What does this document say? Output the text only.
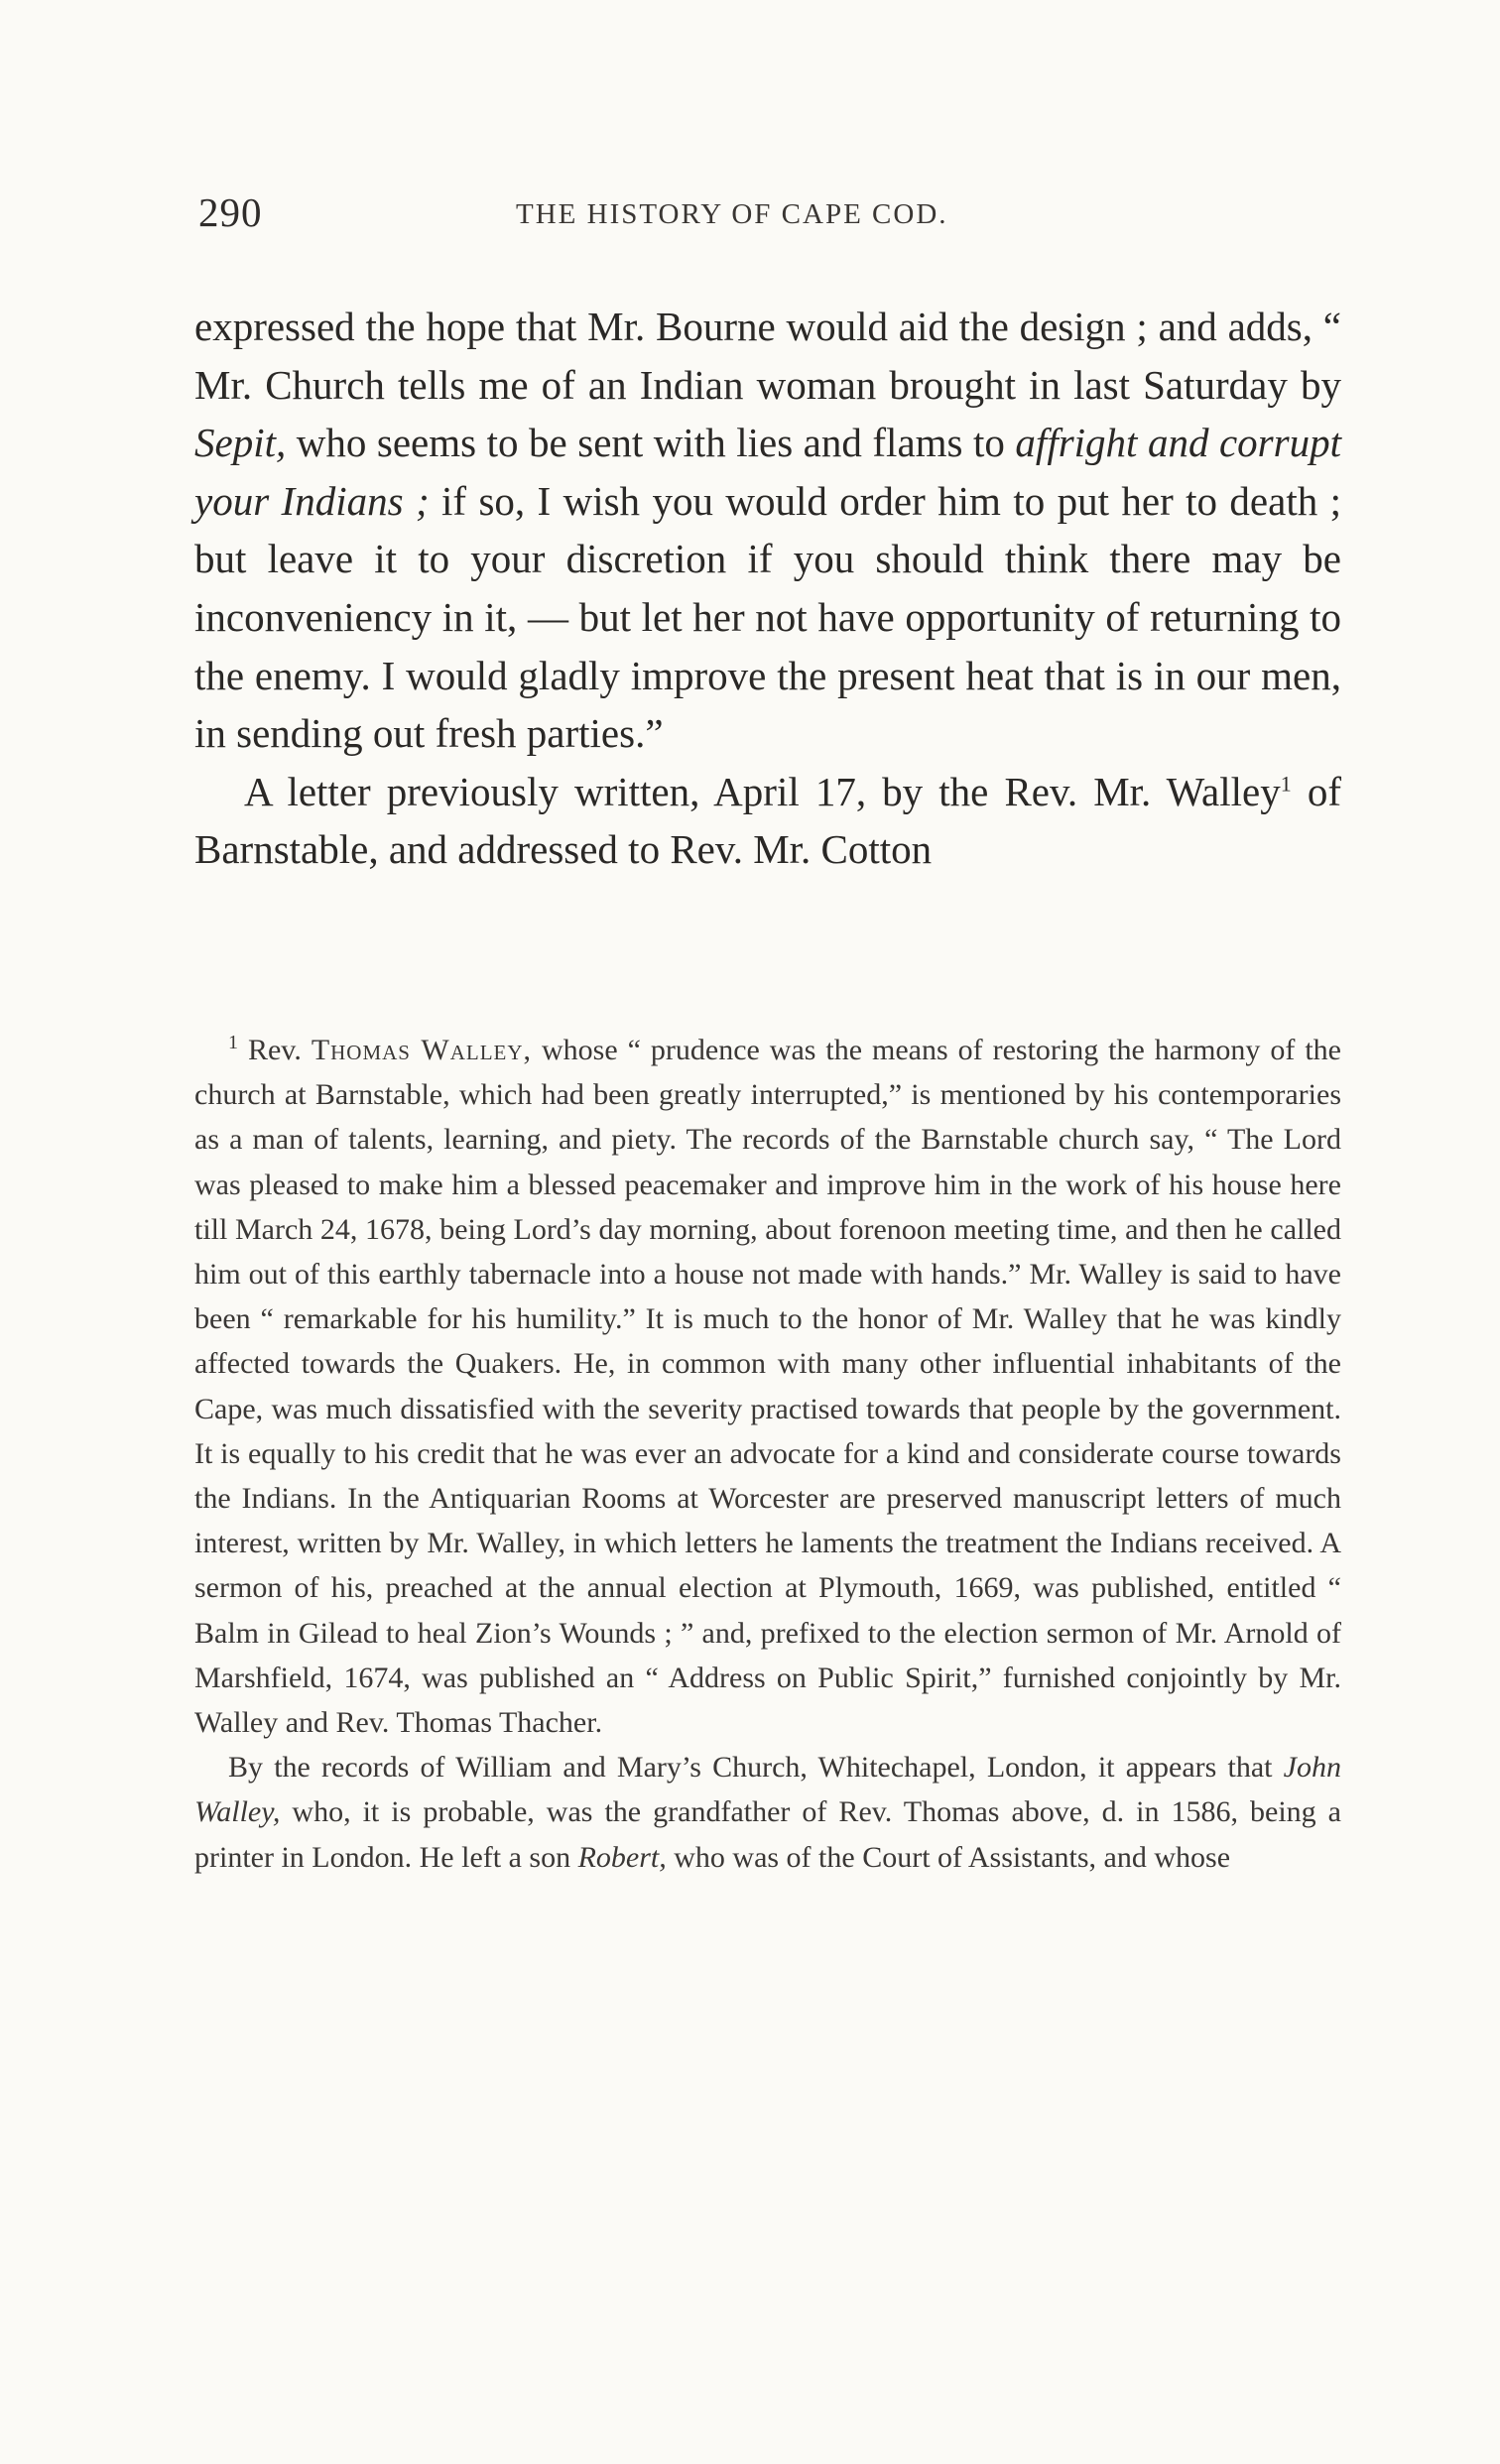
290	THE HISTORY OF CAPE COD.

expressed the hope that Mr. Bourne would aid the design ; and adds, “ Mr. Church tells me of an Indian woman brought in last Saturday by Sepit, who seems to be sent with lies and flams to affright and corrupt your Indians ; if so, I wish you would order him to put her to death ; but leave it to your discretion if you should think there may be inconveniency in it, — but let her not have opportunity of returning to the enemy. I would gladly improve the present heat that is in our men, in sending out fresh parties.”

A letter previously written, April 17, by the Rev. Mr. Walley$^1$ of Barnstable, and addressed to Rev. Mr. Cotton

$^1$ Rev. Thomas Walley, whose “ prudence was the means of restoring the harmony of the church at Barnstable, which had been greatly interrupted,” is mentioned by his contemporaries as a man of talents, learning, and piety. The records of the Barnstable church say, “ The Lord was pleased to make him a blessed peacemaker and improve him in the work of his house here till March 24, 1678, being Lord’s day morning, about forenoon meeting time, and then he called him out of this earthly tabernacle into a house not made with hands.” Mr. Walley is said to have been “ remarkable for his humility.” It is much to the honor of Mr. Walley that he was kindly affected towards the Quakers. He, in common with many other influential inhabitants of the Cape, was much dissatisfied with the severity practised towards that people by the government. It is equally to his credit that he was ever an advocate for a kind and considerate course towards the Indians. In the Antiquarian Rooms at Worcester are preserved manuscript letters of much interest, written by Mr. Walley, in which letters he laments the treatment the Indians received. A sermon of his, preached at the annual election at Plymouth, 1669, was published, entitled “ Balm in Gilead to heal Zion’s Wounds ; ” and, prefixed to the election sermon of Mr. Arnold of Marshfield, 1674, was published an “ Address on Public Spirit,” furnished conjointly by Mr. Walley and Rev. Thomas Thacher.

By the records of William and Mary’s Church, Whitechapel, London, it appears that John Walley, who, it is probable, was the grandfather of Rev. Thomas above, d. in 1586, being a printer in London. He left a son Robert, who was of the Court of Assistants, and whose
